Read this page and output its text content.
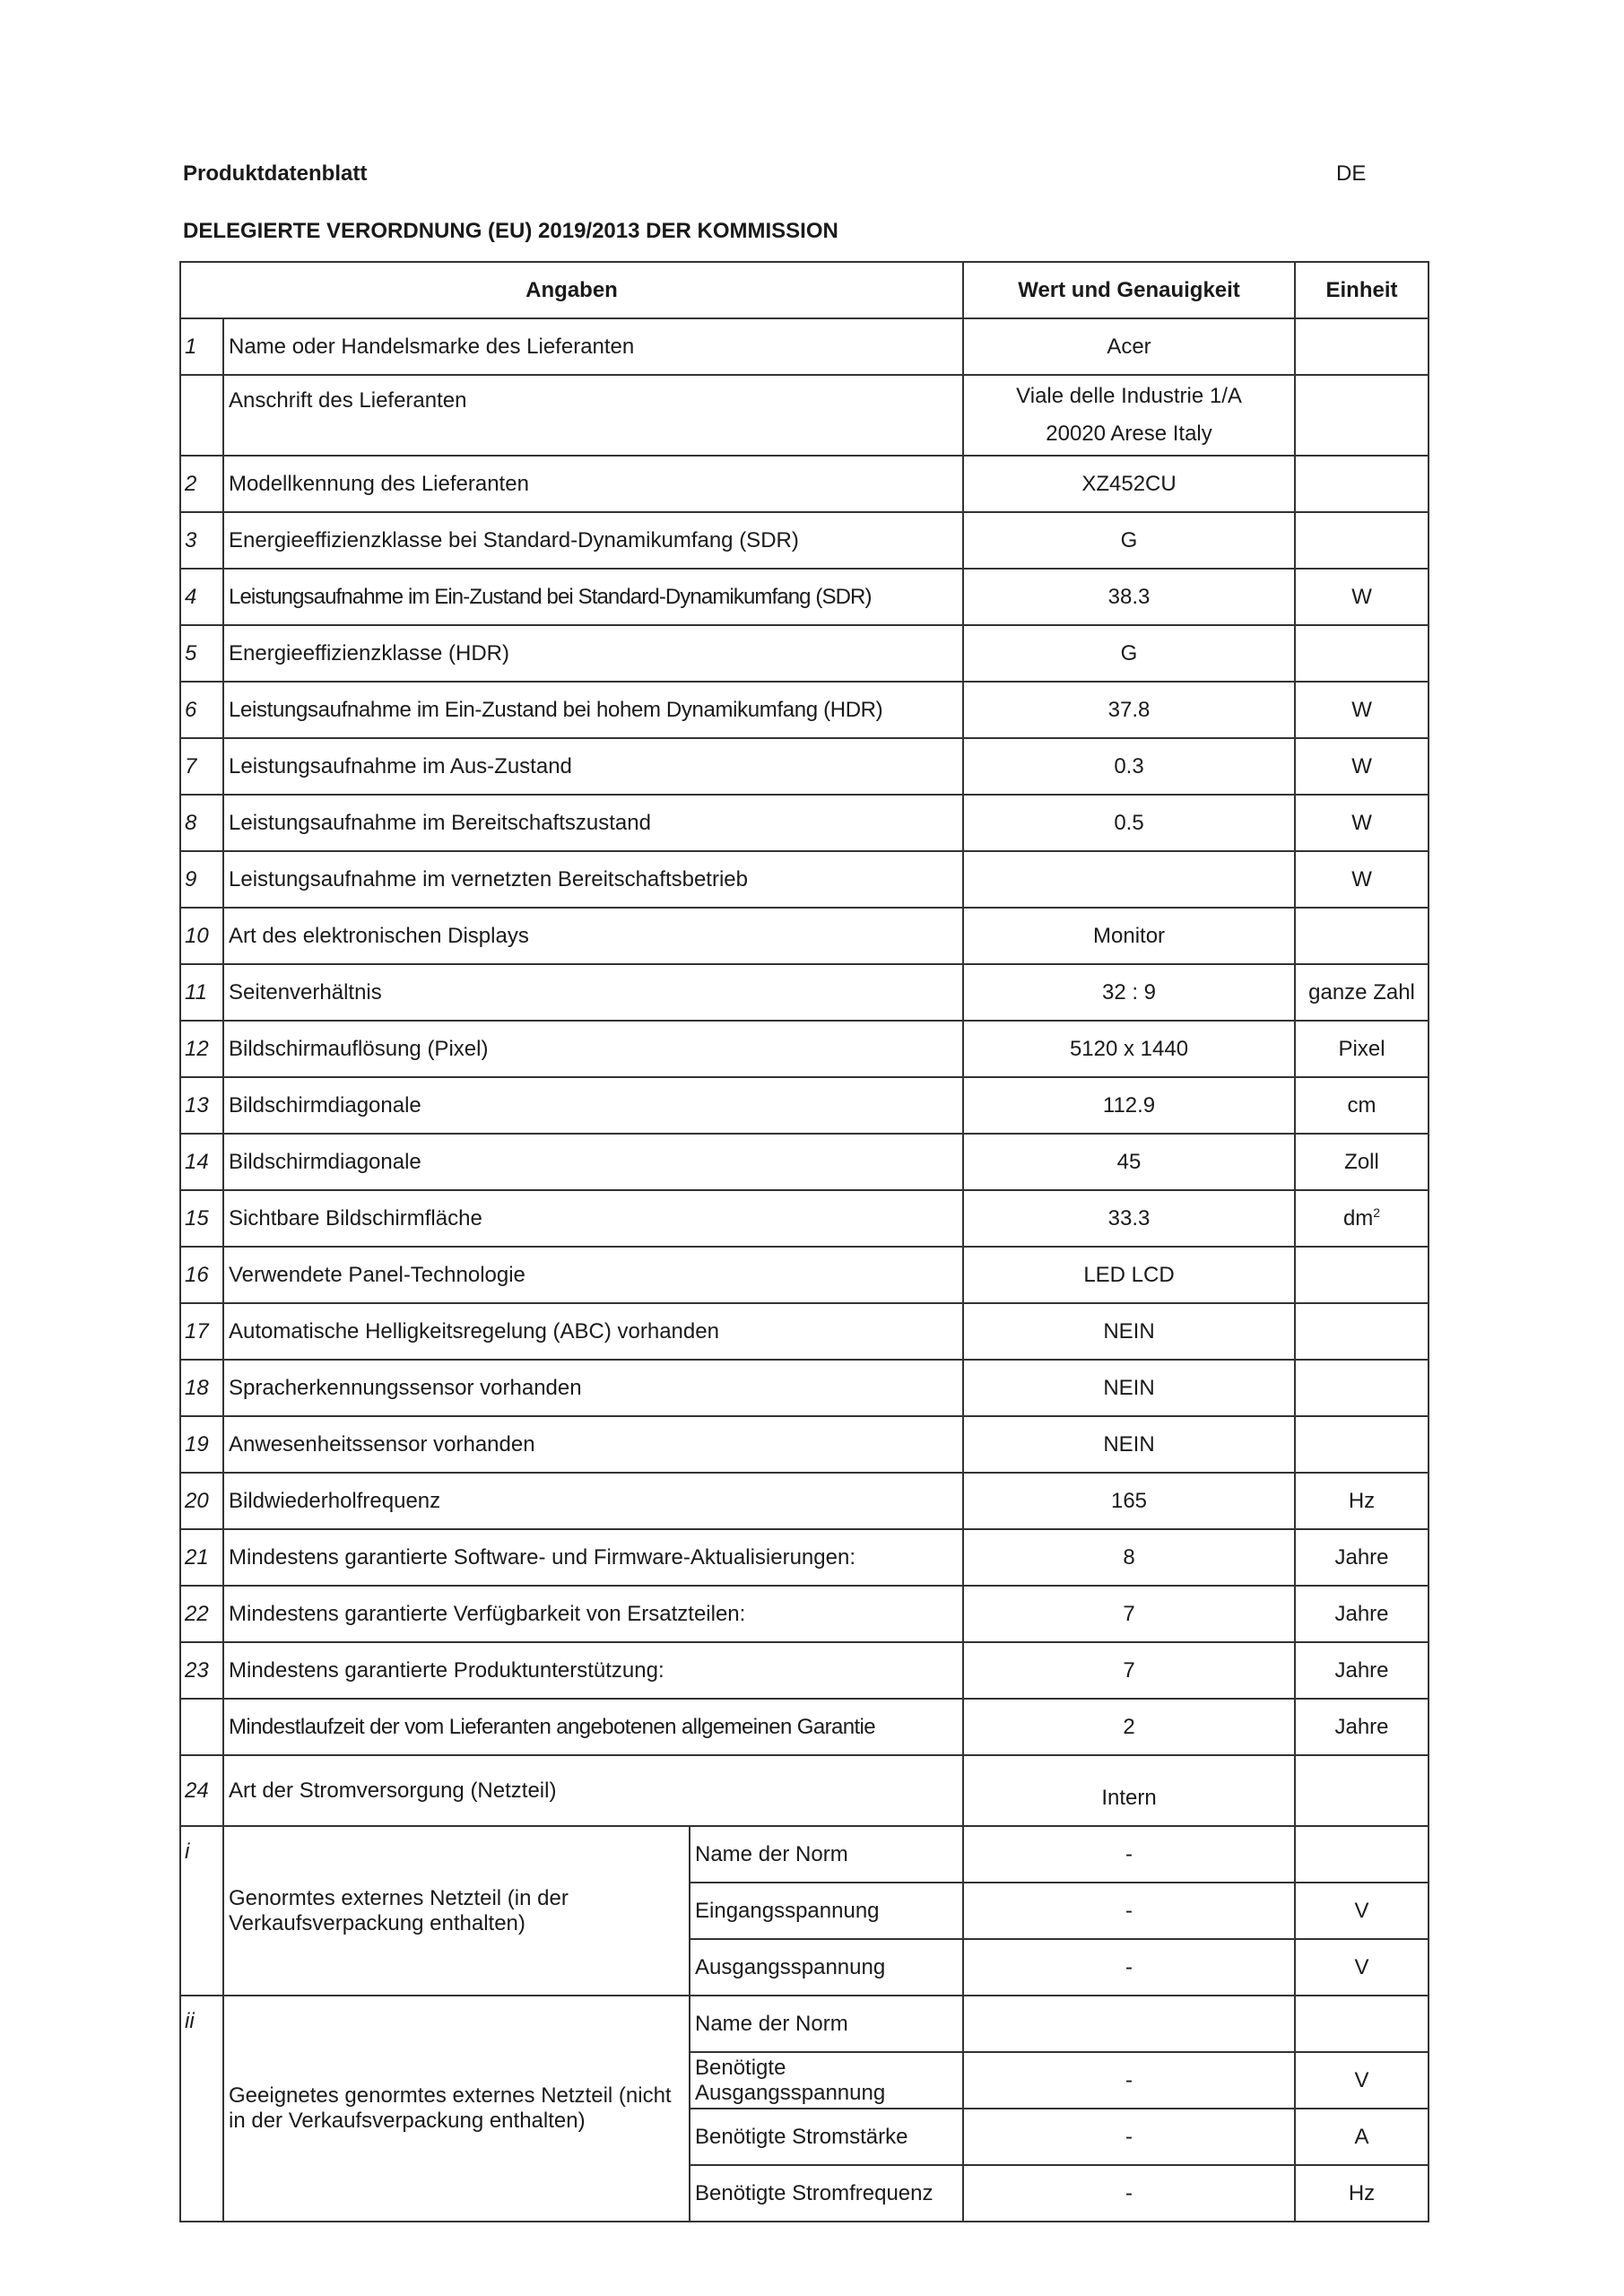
Produktdatenblatt	DE
DELEGIERTE VERORDNUNG (EU) 2019/2013 DER KOMMISSION
Angaben			Wert und Genauigkeit	Einheit
1	Name oder Handelsmarke des Lieferanten		Acer	
	Anschrift des Lieferanten		Viale delle Industrie 1/A
20020 Arese Italy	

2	Modellkennung des Lieferanten		XZ452CU	
3	Energieeffizienzklasse bei Standard-Dynamikumfang (SDR)		G	
4	Leistungsaufnahme im Ein-Zustand bei Standard-Dynamikumfang (SDR)		38.3	W
5	Energieeffizienzklasse (HDR)		G	
6	Leistungsaufnahme im Ein-Zustand bei hohem Dynamikumfang (HDR)		37.8	W
7	Leistungsaufnahme im Aus-Zustand		0.3	W
8	Leistungsaufnahme im Bereitschaftszustand		0.5	W
9	Leistungsaufnahme im vernetzten Bereitschaftsbetrieb			W
10	Art des elektronischen Displays		Monitor	
11	Seitenverhältnis		32 : 9	ganze Zahl
12	Bildschirmauflösung (Pixel)		5120 x 1440	Pixel
13	Bildschirmdiagonale		112.9	cm
14	Bildschirmdiagonale		45	Zoll
15	Sichtbare Bildschirmfläche		33.3	$dm^2$
16	Verwendete Panel-Technologie		LED LCD	
17	Automatische Helligkeitsregelung (ABC) vorhanden		NEIN	
18	Spracherkennungssensor vorhanden		NEIN	
19	Anwesenheitssensor vorhanden		NEIN	
20	Bildwiederholfrequenz		165	Hz
21	Mindestens garantierte Software- und Firmware-Aktualisierungen:		8	Jahre
22	Mindestens garantierte Verfügbarkeit von Ersatzteilen:		7	Jahre
23	Mindestens garantierte Produktunterstützung:		7	Jahre
	Mindestlaufzeit der vom Lieferanten angebotenen allgemeinen Garantie		2	Jahre
24	Art der Stromversorgung (Netzteil)		Intern	
i	Genormtes externes Netzteil (in der Verkaufsverpackung enthalten)	Name der Norm	-	
		Eingangsspannung	-	V
		Ausgangsspannung	-	V
ii	Geeignetes genormtes externes Netzteil (nicht in der Verkaufsverpackung enthalten)	Name der Norm		
		Benötigte Ausgangsspannung	-	V
		Benötigte Stromstärke	-	A
		Benötigte Stromfrequenz	-	Hz
